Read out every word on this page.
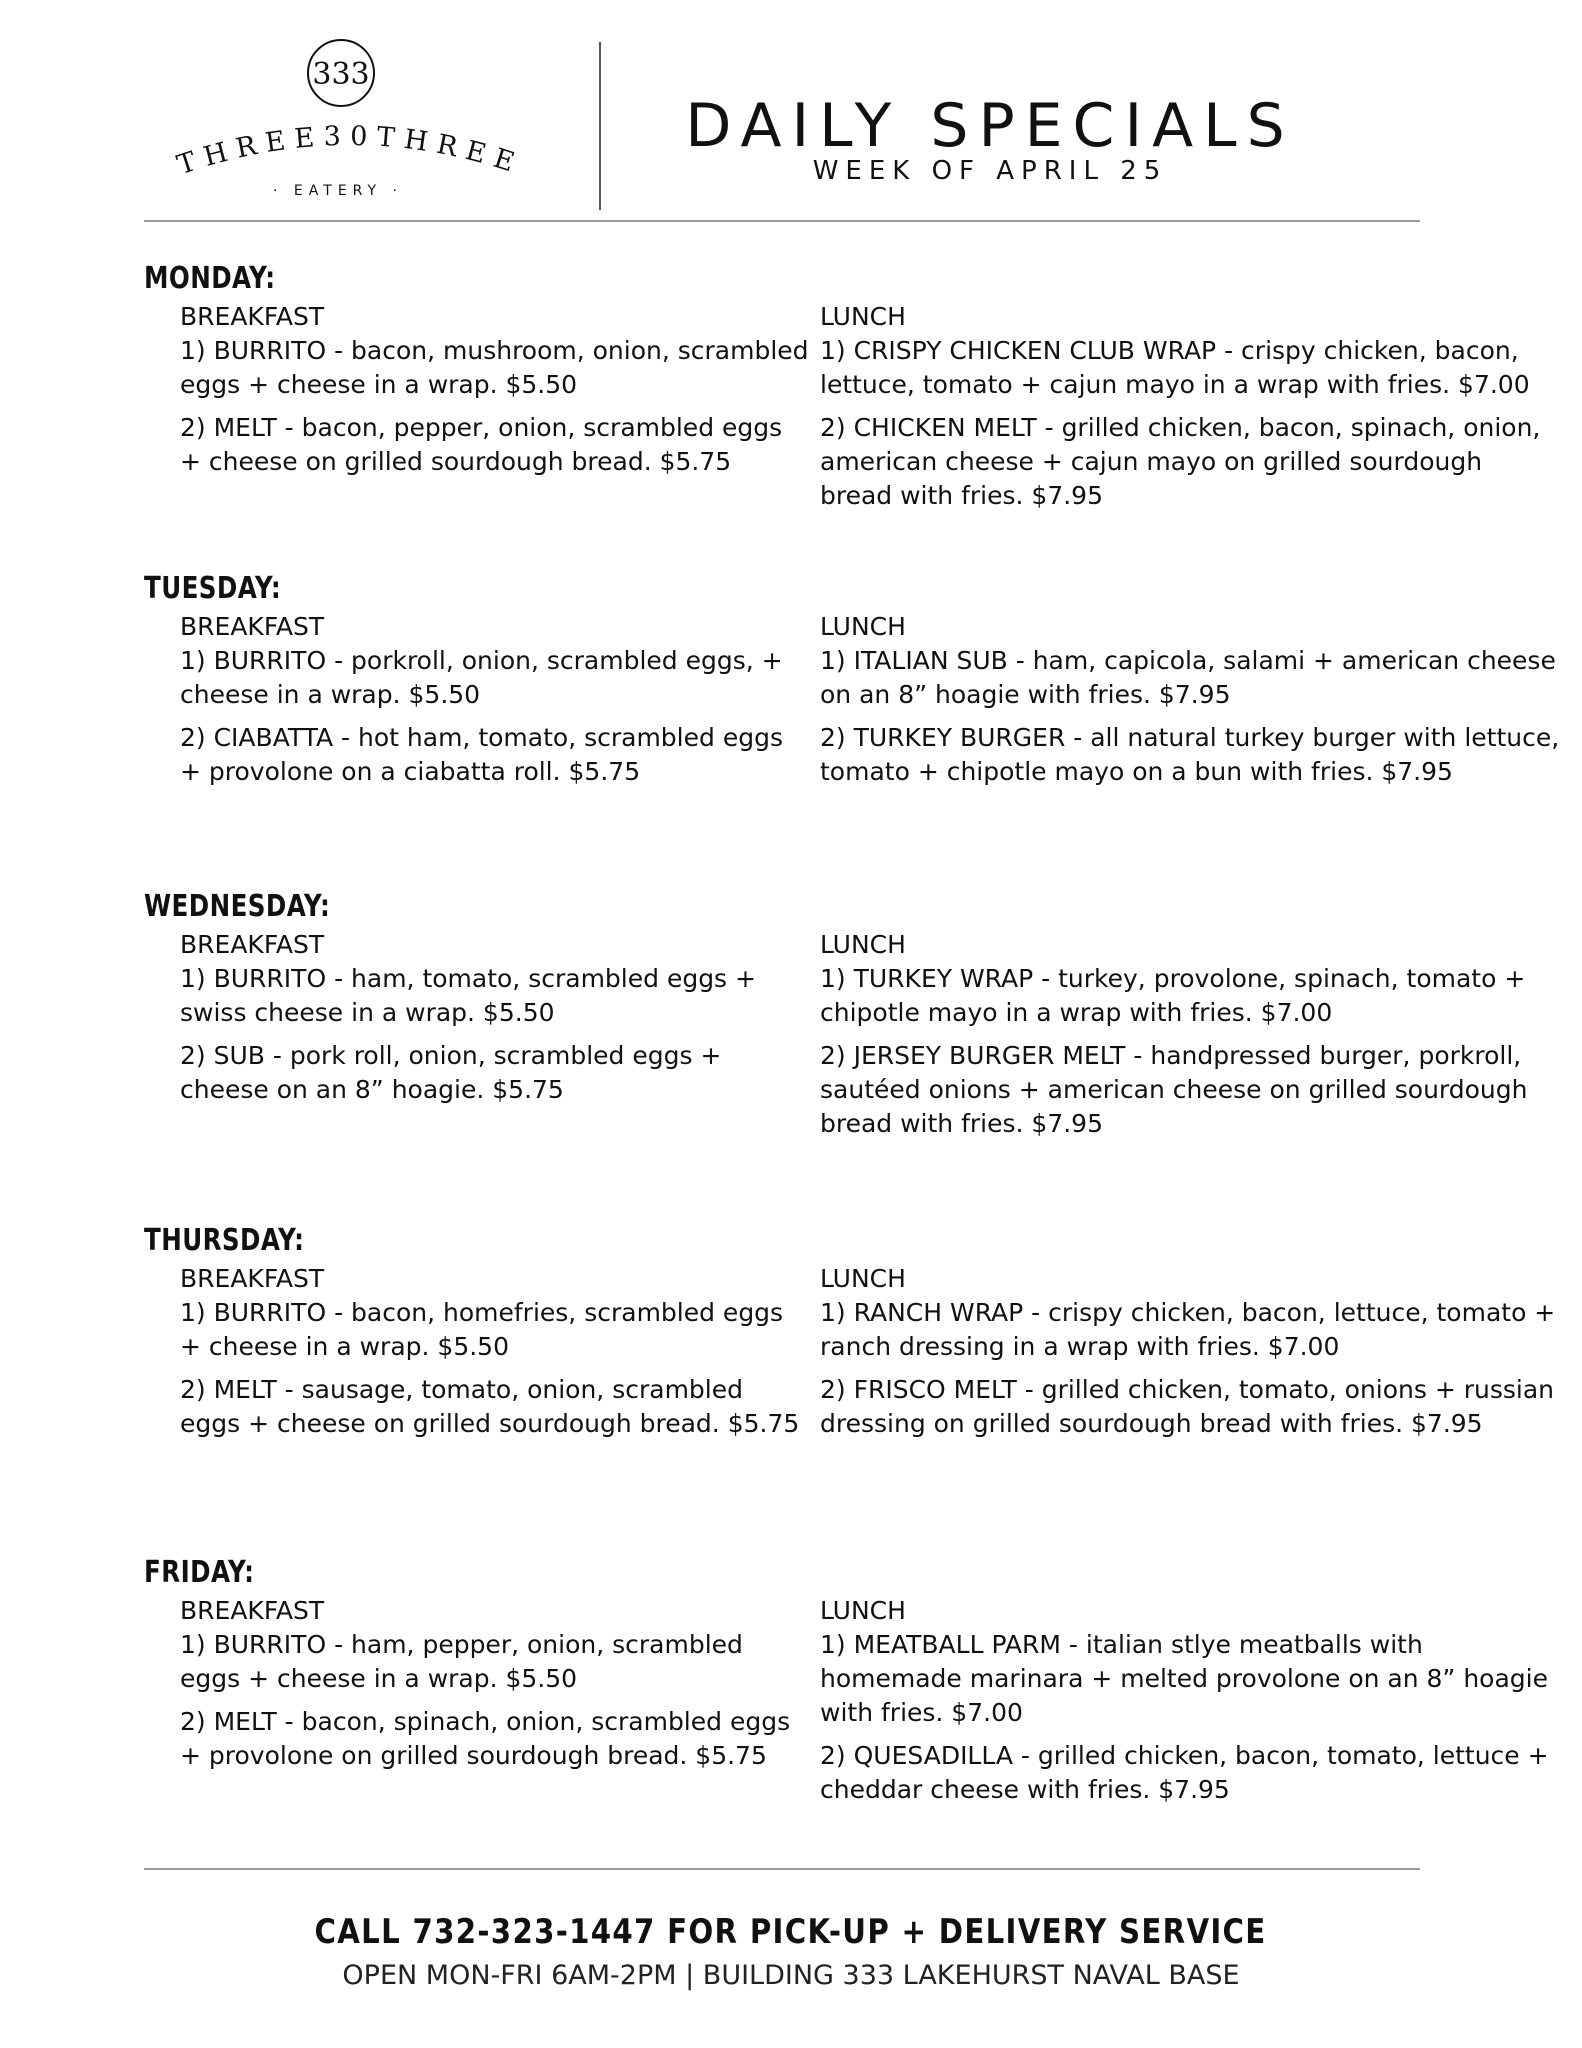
333
THREE30THREE
· EATERY ·
DAILY SPECIALS
WEEK OF APRIL 25
MONDAY:

BREAKFAST

1) BURRITO - bacon, mushroom, onion, scrambled eggs + cheese in a wrap. $5.50

2) MELT - bacon, pepper, onion, scrambled eggs + cheese on grilled sourdough bread. $5.75

LUNCH

1) CRISPY CHICKEN CLUB WRAP - crispy chicken, bacon, lettuce, tomato + cajun mayo in a wrap with fries. $7.00

2) CHICKEN MELT - grilled chicken, bacon, spinach, onion, american cheese + cajun mayo on grilled sourdough bread with fries. $7.95

TUESDAY:

BREAKFAST

1) BURRITO - porkroll, onion, scrambled eggs, + cheese in a wrap. $5.50

2) CIABATTA - hot ham, tomato, scrambled eggs + provolone on a ciabatta roll. $5.75

LUNCH

1) ITALIAN SUB - ham, capicola, salami + american cheese on an 8” hoagie with fries. $7.95

2) TURKEY BURGER - all natural turkey burger with lettuce, tomato + chipotle mayo on a bun with fries. $7.95

WEDNESDAY:

BREAKFAST

1) BURRITO - ham, tomato, scrambled eggs + swiss cheese in a wrap. $5.50

2) SUB - pork roll, onion, scrambled eggs + cheese on an 8” hoagie. $5.75

LUNCH

1) TURKEY WRAP - turkey, provolone, spinach, tomato + chipotle mayo in a wrap with fries. $7.00

2) JERSEY BURGER MELT - handpressed burger, porkroll, sautéed onions + american cheese on grilled sourdough bread with fries. $7.95

THURSDAY:

BREAKFAST

1) BURRITO - bacon, homefries, scrambled eggs + cheese in a wrap. $5.50

2) MELT - sausage, tomato, onion, scrambled eggs + cheese on grilled sourdough bread. $5.75

LUNCH

1) RANCH WRAP - crispy chicken, bacon, lettuce, tomato + ranch dressing in a wrap with fries. $7.00

2) FRISCO MELT - grilled chicken, tomato, onions + russian dressing on grilled sourdough bread with fries. $7.95

FRIDAY:

BREAKFAST

1) BURRITO - ham, pepper, onion, scrambled eggs + cheese in a wrap. $5.50

2) MELT - bacon, spinach, onion, scrambled eggs + provolone on grilled sourdough bread. $5.75

LUNCH

1) MEATBALL PARM - italian stlye meatballs with homemade marinara + melted provolone on an 8” hoagie with fries. $7.00

2) QUESADILLA - grilled chicken, bacon, tomato, lettuce + cheddar cheese with fries. $7.95

CALL 732-323-1447 FOR PICK-UP + DELIVERY SERVICE
OPEN MON-FRI 6AM-2PM | BUILDING 333 LAKEHURST NAVAL BASE
